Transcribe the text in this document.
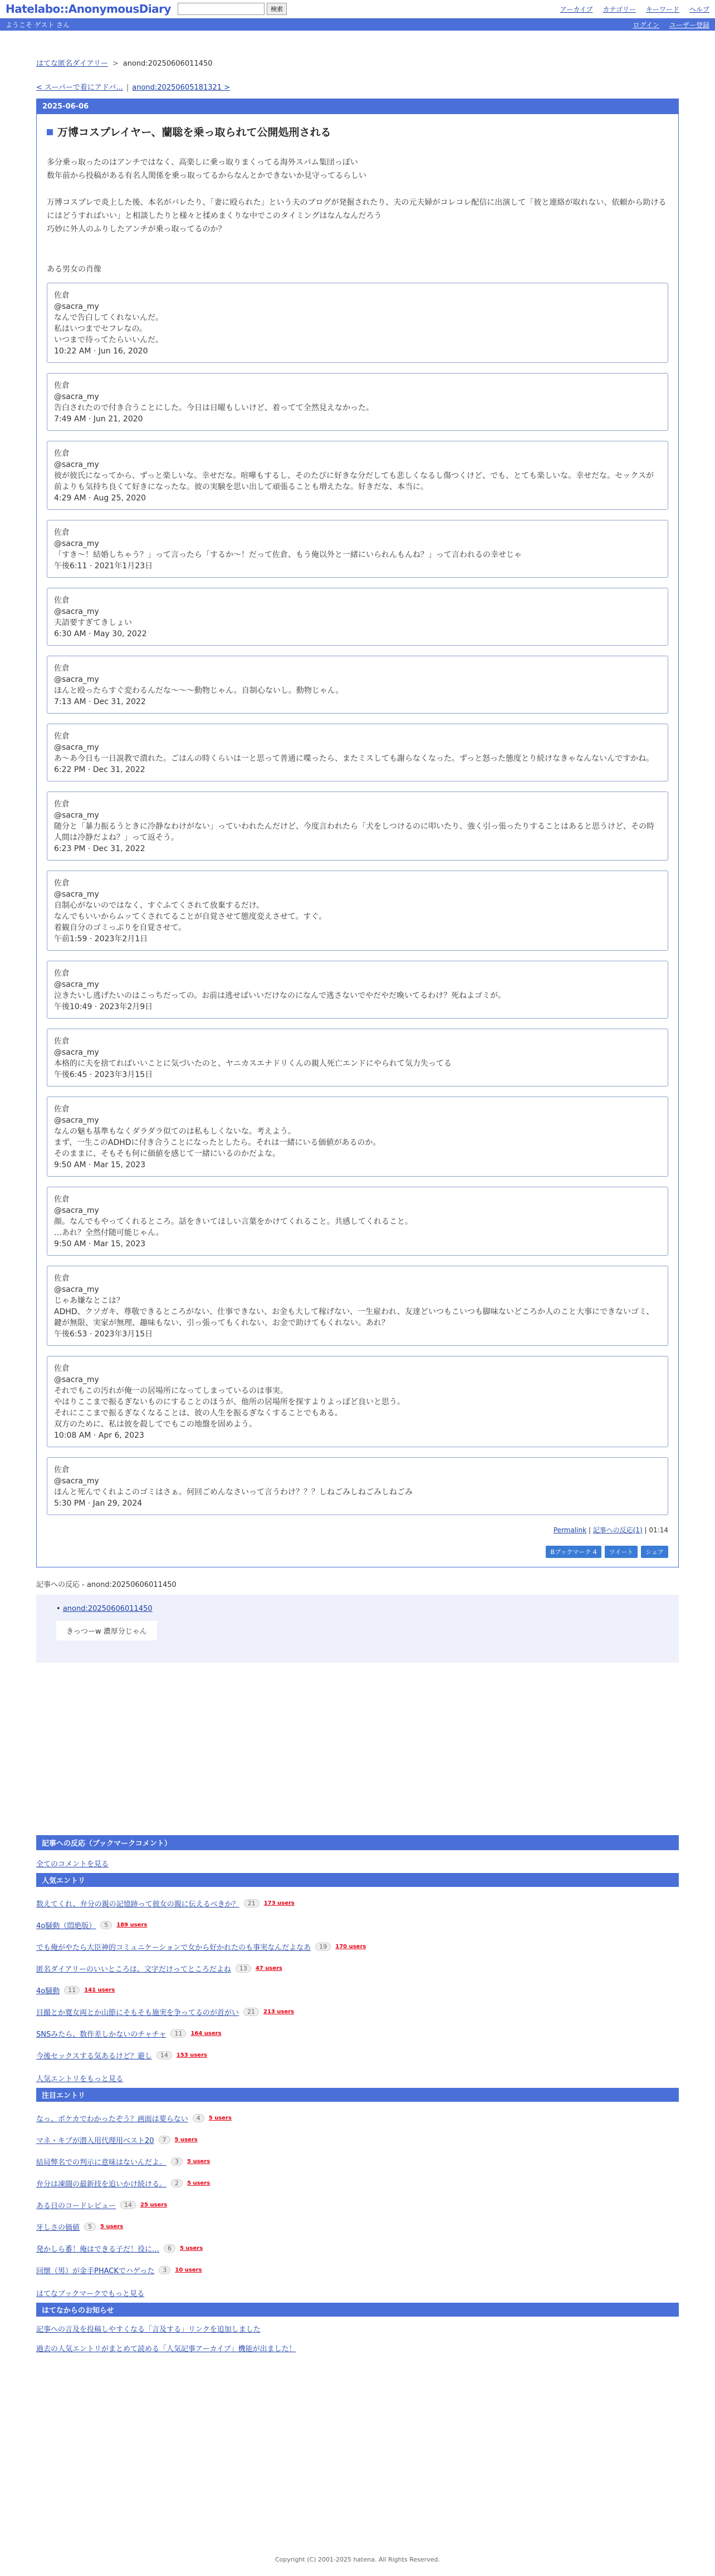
Hatelabo::AnonymousDiary	検索	アーカイブ カテゴリー キーワード ヘルプ
ようこそ ゲスト さん	ログイン ユーザー登録
はてな匿名ダイアリー > anond:20250606011450
< スーパーで着にアドバ... | anond:20250605181321 >
2025-06-06
万博コスプレイヤー、蘭聡を乗っ取られて公開処刑される

多分乗っ取ったのはアンチではなく、高楽しに乗っ取りまくってる海外スパム集団っぽい

数年前から投稿がある有名人関係を乗っ取ってるからなんとかできないか見守ってるらしい

万博コスプレで炎上した後、本名がバレたり、「妻に殴られた」という夫のブログが発掘されたり、夫の元夫婦がコレコレ配信に出演して「彼と連絡が取れない、依頼から助けるにはどうすればいい」と相談したりと様々と揉めまくりな中でこのタイミングはなんなんだろう

巧妙に外人のふりしたアンチが乗っ取ってるのか？

ある男女の肖像

佐倉
@sacra_my
なんで告白してくれないんだ。
私はいつまでセフレなの。
いつまで待ってたらいいんだ。
10:22 AM · Jun 16, 2020
佐倉
@sacra_my
告白されたので付き合うことにした。今日は日曜もしいけど、着ってて全然見えなかった。
7:49 AM · Jun 21, 2020
佐倉
@sacra_my
彼が彼氏になってから、ずっと楽しいな。幸せだな。喧嘩もするし、そのたびに好きな分だしても悲しくなるし傷つくけど、でも、とても楽しいな。幸せだな。セックスが前よりも気持ち良くて好きになったな。彼の実験を思い出して頑張ることも増えたな。好きだな、本当に。
4:29 AM · Aug 25, 2020
佐倉
@sacra_my
「すき〜！結婚しちゃう？」って言ったら「するか〜！だって佐倉、もう俺以外と一緒にいられんもんね？」って言われるの幸せじゃ
午後6:11 · 2021年1月23日
佐倉
@sacra_my
夫語要すぎてきしょい
6:30 AM · May 30, 2022
佐倉
@sacra_my
ほんと殴ったらすぐ変わるんだな〜〜〜動物じゃん。自制心ないし。動物じゃん。
7:13 AM · Dec 31, 2022
佐倉
@sacra_my
あ〜あ今日も一日説教で潰れた。ごはんの時くらいは一と思って普通に喋ったら、またミスしても謝らなくなった。ずっと怒った態度とり続けなきゃなんないんですかね。
6:22 PM · Dec 31, 2022
佐倉
@sacra_my
随分と「暴力振るうときに冷静なわけがない」っていわれたんだけど、今度言われたら「犬をしつけるのに叩いたり、強く引っ張ったりすることはあると思うけど、その時人間は冷静だよね？」って返そう。
6:23 PM · Dec 31, 2022
佐倉
@sacra_my
自制心がないのではなく、すぐふてくされて放棄するだけ。
なんでもいいからムッてくされてることが自覚させて態度変えさせて。すぐ。
着観自分のゴミっぷりを自覚させて。
午前1:59 · 2023年2月1日
佐倉
@sacra_my
泣きたいし逃げたいのはこっちだっての。お前は逃せばいいだけなのになんで逃さないでやだやだ喚いてるわけ？死ねよゴミが。
午後10:49 · 2023年2月9日
佐倉
@sacra_my
本格的に夫を捨てればいいことに気づいたのと、ヤニカスエナドリくんの親人死亡エンドにやられて気力失ってる
午後6:45 · 2023年3月15日
佐倉
@sacra_my
なんの魅も基準もなくダラダラ似てのは私もしくないな。考えよう。
まず、一生このADHDに付き合うことになったとしたら。それは一緒にいる価値があるのか。
そのままに、そもそも何に価値を感じて一緒にいるのかだよな。
9:50 AM · Mar 15, 2023
佐倉
@sacra_my
顔。なんでもやってくれるところ。話をきいてほしい言葉をかけてくれること。共感してくれること。
…あれ？全然付随可能じゃん。
9:50 AM · Mar 15, 2023
佐倉
@sacra_my
じゃあ嫌なとこは？
ADHD、クソガキ、尊敬できるところがない、仕事できない、お金も大して稼げない、一生雇われ、友達どいつもこいつも脚味ないどころか人のこと大事にできないゴミ、鍵が無限、実家が無理、趣味もない、引っ張ってもくれない、お金で助けてもくれない。あれ？
午後6:53 · 2023年3月15日
佐倉
@sacra_my
それでもこの汚れが俺一の居場所になってしまっているのは事実。
やはりここまで振るぎないものにすることのほうが、他所の居場所を探すよりよっぽど良いと思う。
それにここまで振るぎなくなることは、彼の人生を振るぎなくすることでもある。
双方のために、私は彼を殺してでもこの地盤を固めよう。
10:08 AM · Apr 6, 2023
佐倉
@sacra_my
ほんと死んでくれよこのゴミはさぁ。何回ごめんなさいって言うわけ？？？しねごみしねごみしねごみ
5:30 PM · Jan 29, 2024
Permalink | 記事への反応(1) | 01:14
Bブックマーク 4	ツイート	シェア
記事への反応 - anond:20250606011450
• anond:20250606011450
きっつーw 濃厚分じゃん
記事への反応（ブックマークコメント）
全てのコメントを見る
人気エントリ
数えてくれ、弁分の親の記憶跡って彼女の親に伝えるべきか？	21	173 users
4o騒動（悶絶版）	5	189 users
でも俺がやたら大臣神的コミュニケーションで女から好かれたのも事実なんだよなあ	19	170 users
匿名ダイアリーのいいところは、文字だけってところだよね	13	47 users
4o騒動	11	141 users
目撮とか寛女両とか山節にそもそも施実を争ってるのが首がい	21	213 users
SNSみたら、数作差しかないのチャチャ	11	164 users
今後セックスする気あるけど？避し	14	153 users
人気エントリをもっと見る
注目エントリ
なっ、ボケカでわかったぞう？画面は要らない	4	5 users
マネ・キプが潜入用代理用ベスト20	7	5 users
結局弊名での判示に意味はないんだよ。	3	5 users
弁分は凍闘の最新技を追いかけ続ける。	2	5 users
ある日のコードレビュー	14	25 users
牙しさの価値	5	5 users
発かしら番！俺はできる子だ！役に…	6	5 users
回懐（男）が金手PHACKでハゲった	3	10 users
はてなブックマークでもっと見る
はてなからのお知らせ
記事への言及を投稿しやすくなる「言及する」リンクを追加しました
過去の人気エントリがまとめて読める「人気記事アーカイブ」機能が出ました！
Copyright (C) 2001-2025 hatena. All Rights Reserved.
